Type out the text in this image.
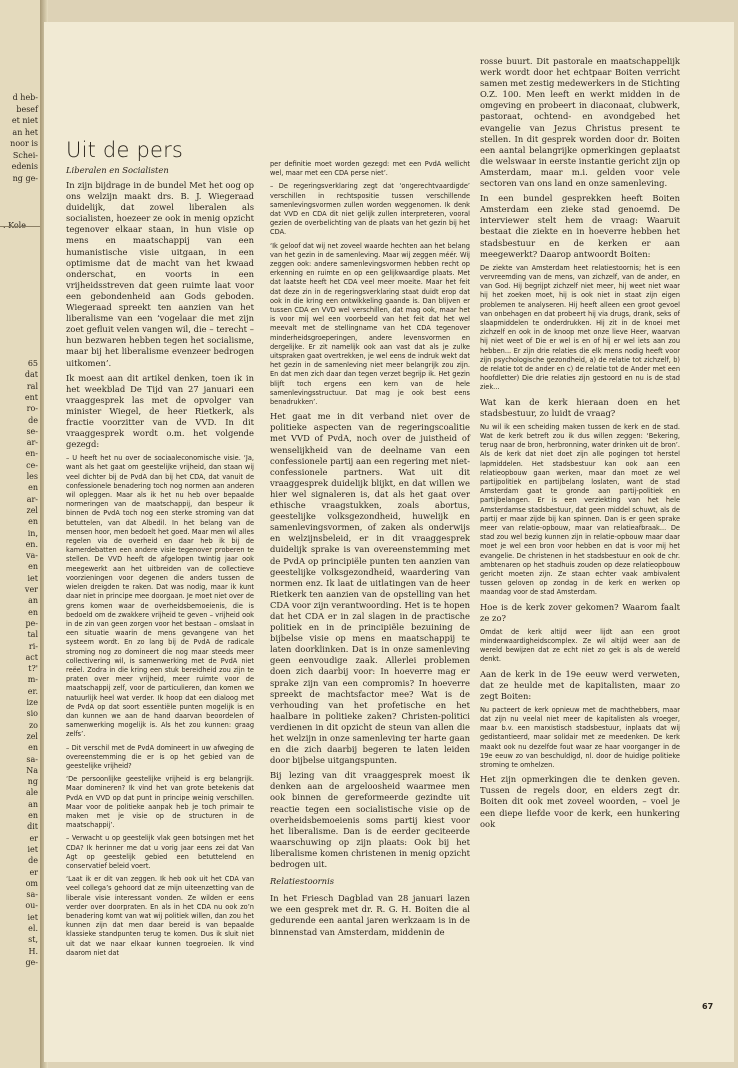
d heb-
besef
et niet
an het
noor is
Schei-
edenis
ng ge-
65
dat
ral
ent
ro-
de
se-
ar-
en-
ce-
les
en
ar-
zel
en
in,
en.
va-
en
iet
ver
an
en
pe-
tal
ri-
act
t?'
m-
er.
ize
sio
zo
zel
en
sa-
Na
ng
ale
an
en
dit
er
iet
de
er
om
sa-
ou-
iet
el.
st,
H.
ge-
Uit de pers
Liberalen en Socialisten

In zijn bijdrage in de bundel Met het oog op ons welzijn maakt drs. B. J. Wiegeraad duidelijk, dat zowel liberalen als socialisten, hoezeer ze ook in menig opzicht tegenover elkaar staan, in hun visie op mens en maatschappij van een humanistische visie uitgaan, in een optimisme dat de macht van het kwaad onderschat, en voorts in een vrijheidsstreven dat geen ruimte laat voor een gebondenheid aan Gods geboden. Wiegeraad spreekt ten aanzien van het liberalisme van een ‘vogelaar die met zijn zoet gefluit velen vangen wil, die – terecht – hun bezwaren hebben tegen het socialisme, maar bij het liberalisme evenzeer bedrogen uitkomen’.

Ik moest aan dit artikel denken, toen ik in het weekblad De Tijd van 27 januari een vraaggesprek las met de opvolger van minister Wiegel, de heer Rietkerk, als fractie voorzitter van de VVD. In dit vraaggesprek wordt o.m. het volgende gezegd:

– U heeft het nu over de sociaaleconomische visie. ‘Ja, want als het gaat om geestelijke vrijheid, dan staan wij veel dichter bij de PvdA dan bij het CDA, dat vanuit de confessionele benadering toch nog normen aan anderen wil opleggen. Maar als ik het nu heb over bepaalde normeringen van de maatschappij, dan bespeur ik binnen de PvdA toch nog een sterke stroming van dat betuttelen, van dat Albedil. In het belang van de mensen hoor, men bedoelt het goed. Maar men wil alles regelen via de overheid en daar heb ik bij de kamerdebatten een andere visie tegenover proberen te stellen. De VVD heeft de afgelopen twintig jaar ook meegewerkt aan het uitbreiden van de collectieve voorzieningen voor degenen die anders tussen de wielen dreigden te raken. Dat was nodig, maar ik kunt daar niet in principe mee doorgaan. Je moet niet over de grens komen waar de overheidsbemoeienis, die is bedoeld om de zwakkere vrijheid te geven – vrijheid ook in de zin van geen zorgen voor het bestaan – omslaat in een situatie waarin de mens gevangene van het systeem wordt. En zo lang bij de PvdA de radicale stroming nog zo domineert die nog maar steeds meer collectivering wil, is samenwerking met de PvdA niet reëel. Zodra in die kring een stuk bereidheid zou zijn te praten over meer vrijheid, meer ruimte voor de maatschappij zelf, voor de particulieren, dan komen we natuurlijk heel wat verder. Ik hoop dat een dialoog met de PvdA op dat soort essentiële punten mogelijk is en dan kunnen we aan de hand daarvan beoordelen of samenwerking mogelijk is. Als het zou kunnen: graag zelfs’.

– Dit verschil met de PvdA domineert in uw afweging de overeenstemming die er is op het gebied van de geestelijke vrijheid?

‘De persoonlijke geestelijke vrijheid is erg belangrijk. Maar domineren? Ik vind het van grote betekenis dat PvdA en VVD op dat punt in principe weinig verschillen. Maar voor de politieke aanpak heb je toch primair te maken met je visie op de structuren in de maatschappij’.

– Verwacht u op geestelijk vlak geen botsingen met het CDA? Ik herinner me dat u vorig jaar eens zei dat Van Agt op geestelijk gebied een betuttelend en conservatief beleid voert.

‘Laat ik er dit van zeggen. Ik heb ook uit het CDA van veel collega’s gehoord dat ze mijn uiteenzetting van de liberale visie interessant vonden. Ze wilden er eens verder over doorpraten. En als in het CDA nu ook zo’n benadering komt van wat wij politiek willen, dan zou het kunnen zijn dat men daar bereid is van bepaalde klassieke standpunten terug te komen. Dus ik sluit niet uit dat we naar elkaar kunnen toegroeien. Ik vind daarom niet dat

per definitie moet worden gezegd: met een PvdA wellicht wel, maar met een CDA perse niet’.

– De regeringsverklaring zegt dat ‘ongerechtvaardigde’ verschillen in rechtspositie tussen verschillende samenlevingsvormen zullen worden weggenomen. Ik denk dat VVD en CDA dit niet gelijk zullen interpreteren, vooral gezien de overbelichting van de plaats van het gezin bij het CDA.

‘Ik geloof dat wij net zoveel waarde hechten aan het belang van het gezin in de samenleving. Maar wij zeggen méér. Wij zeggen ook: andere samenlevingsvormen hebben recht op erkenning en ruimte en op een gelijkwaardige plaats. Met dat laatste heeft het CDA veel meer moeite. Maar het feit dat deze zin in de regeringsverklaring staat duidt erop dat ook in die kring een ontwikkeling gaande is. Dan blijven er tussen CDA en VVD wel verschillen, dat mag ook, maar het is voor mij wel een voorbeeld van het feit dat het wel meevalt met de stellingname van het CDA tegenover minderheidsgroeperingen, andere levensvormen en dergelijke. Er zit namelijk ook aan vast dat als je zulke uitspraken gaat overtrekken, je wel eens de indruk wekt dat het gezin in de samenleving niet meer belangrijk zou zijn. En dat men zich daar dan tegen verzet begrijp ik. Het gezin blijft toch ergens een kern van de hele samenlevingsstructuur. Dat mag je ook best eens benadrukken’.

Het gaat me in dit verband niet over de politieke aspecten van de regeringscoalitie met VVD of PvdA, noch over de juistheid of wenselijkheid van de deelname van een confessionele partij aan een regering met niet-confessionele partners. Wat uit dit vraaggesprek duidelijk blijkt, en dat willen we hier wel signaleren is, dat als het gaat over ethische vraagstukken, zoals abortus, geestelijke volksgezondheid, huwelijk en samenlevingsvormen, of zaken als onderwijs en welzijnsbeleid, er in dit vraaggesprek duidelijk sprake is van overeenstemming met de PvdA op principiële punten ten aanzien van geestelijke volksgezondheid, waardering van normen enz. Ik laat de uitlatingen van de heer Rietkerk ten aanzien van de opstelling van het CDA voor zijn verantwoording. Het is te hopen dat het CDA er in zal slagen in de practische politiek en in de principiële bezuining de bijbelse visie op mens en maatschappij te laten doorklinken. Dat is in onze samenleving geen eenvoudige zaak. Allerlei problemen doen zich daarbij voor: In hoeverre mag er sprake zijn van een compromis? In hoeverre spreekt de machtsfactor mee? Wat is de verhouding van het profetische en het haalbare in politieke zaken? Christen-politici verdienen in dit opzicht de steun van allen die het welzijn in onze samenleving ter harte gaan en die zich daarbij begeren te laten leiden door bijbelse uitgangspunten.

Bij lezing van dit vraaggesprek moest ik denken aan de argeloosheid waarmee men ook binnen de gereformeerde gezindte uit reactie tegen een socialistische visie op de overheidsbemoeienis soms partij kiest voor het liberalisme. Dan is de eerder geciteerde waarschuwing op zijn plaats: Ook bij het liberalisme komen christenen in menig opzicht bedrogen uit.

Relatiestoornis

In het Friesch Dagblad van 28 januari lazen we een gesprek met dr. R. G. H. Boiten die al gedurende een aantal jaren werkzaam is in de binnenstad van Amsterdam, middenin de

rosse buurt. Dit pastorale en maatschappelijk werk wordt door het echtpaar Boiten verricht samen met zestig medewerkers in de Stichting O.Z. 100. Men leeft en werkt midden in de omgeving en probeert in diaconaat, clubwerk, pastoraat, ochtend- en avondgebed het evangelie van Jezus Christus present te stellen. In dit gesprek worden door dr. Boiten een aantal belangrijke opmerkingen geplaatst die welswaar in eerste instantie gericht zijn op Amsterdam, maar m.i. gelden voor vele sectoren van ons land en onze samenleving.

In een bundel gesprekken heeft Boiten Amsterdam een zieke stad genoemd. De interviewer stelt hem de vraag: Waaruit bestaat die ziekte en in hoeverre hebben het stadsbestuur en de kerken er aan meegewerkt? Daarop antwoordt Boiten:

De ziekte van Amsterdam heet relatiestoornis; het is een vervreemding van de mens, van zichzelf, van de ander, en van God. Hij begrijpt zichzelf niet meer, hij weet niet waar hij het zoeken moet, hij is ook niet in staat zijn eigen problemen te analyseren. Hij heeft alleen een groot gevoel van onbehagen en dat probeert hij via drugs, drank, seks of slaapmiddelen te onderdrukken. Hij zit in de knoei met zichzelf en ook in de knoop met onze lieve Heer, waarvan hij niet weet of Die er wel is en of hij er wel iets aan zou hebben... Er zijn drie relaties die elk mens nodig heeft voor zijn psychologische gezondheid, a) de relatie tot zichzelf, b) de relatie tot de ander en c) de relatie tot de Ander met een hoofdletter) Die drie relaties zijn gestoord en nu is de stad ziek...

Wat kan de kerk hieraan doen en het stadsbestuur, zo luidt de vraag?

Nu wil ik een scheiding maken tussen de kerk en de stad. Wat de kerk betreft zou ik dus willen zeggen: ‘Bekering, terug naar de bron, herbronning, water drinken uit de bron’. Als de kerk dat niet doet zijn alle pogingen tot herstel lapmiddelen. Het stadsbestuur kan ook aan een relatieopbouw gaan werken, maar dan moet ze wel partijpolitiek en partijbelang loslaten, want de stad Amsterdam gaat te gronde aan partij-politiek en partijbelangen. Er is een verziekting van het hele Amsterdamse stadsbestuur, dat geen middel schuwt, als de partij er maar zijde bij kan spinnen. Dan is er geen sprake meer van relatie-opbouw, maar van relatieafbraak... De stad zou wel bezig kunnen zijn in relatie-opbouw maar daar moet je wel een bron voor hebben en dat is voor mij het evangelie. De christenen in het stadsbestuur en ook de chr. ambtenaren op het stadhuis zouden op deze relatieopbouw gericht moeten zijn. Ze staan echter vaak ambivalent tussen geloven op zondag in de kerk en werken op maandag voor de stad Amsterdam.

Hoe is de kerk zover gekomen? Waarom faalt ze zo?

Omdat de kerk altijd weer lijdt aan een groot minderwaardigheidscomplex. Ze wil altijd weer aan de wereld bewijzen dat ze echt niet zo gek is als de wereld denkt.

Aan de kerk in de 19e eeuw werd verweten, dat ze heulde met de kapitalisten, maar zo zegt Boiten:

Nu pacteert de kerk opnieuw met de machthebbers, maar dat zijn nu veelal niet meer de kapitalisten als vroeger, maar b.v. een marxistisch stadsbestuur, inplaats dat wij gedistantieerd, maar solidair met ze meedenken. De kerk maakt ook nu dezelfde fout waar ze haar voorganger in de 19e eeuw zo van beschuldigd, nl. door de huidige politieke stroming te omhelzen.

Het zijn opmerkingen die te denken geven. Tussen de regels door, en elders zegt dr. Boiten dit ook met zoveel woorden, – voel je een diepe liefde voor de kerk, een hunkering ook

67
